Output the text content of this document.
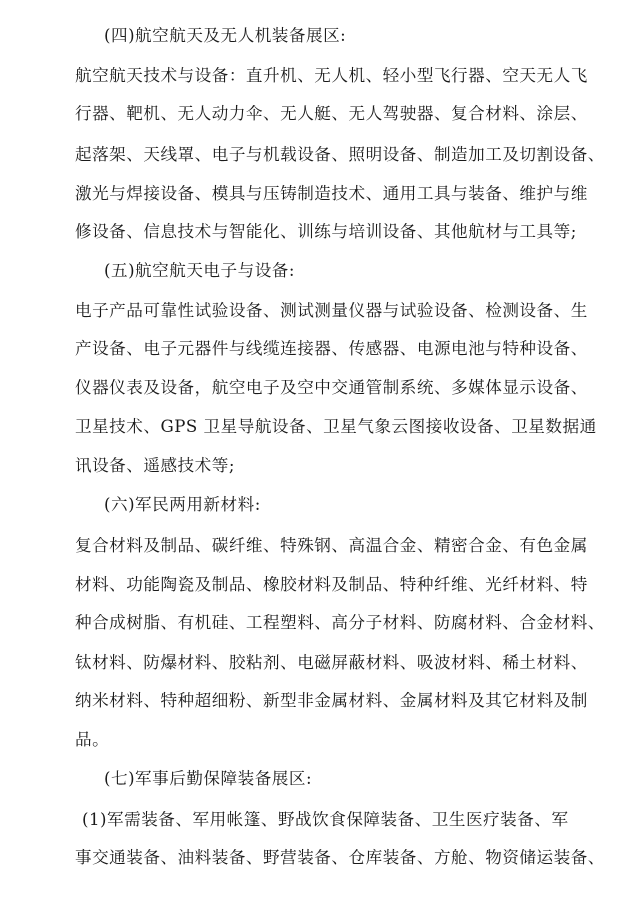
(四)航空航天及无人机装备展区:
航空航天技术与设备：直升机、无人机、轻小型飞行器、空天无人飞
行器、靶机、无人动力伞、无人艇、无人驾驶器、复合材料、涂层、
起落架、天线罩、电子与机载设备、照明设备、制造加工及切割设备、
激光与焊接设备、模具与压铸制造技术、通用工具与装备、维护与维
修设备、信息技术与智能化、训练与培训设备、其他航材与工具等;
(五)航空航天电子与设备:
电子产品可靠性试验设备、测试测量仪器与试验设备、检测设备、生
产设备、电子元器件与线缆连接器、传感器、电源电池与特种设备、
仪器仪表及设备，航空电子及空中交通管制系统、多媒体显示设备、
卫星技术、GPS 卫星导航设备、卫星气象云图接收设备、卫星数据通
讯设备、遥感技术等;
(六)军民两用新材料:
复合材料及制品、碳纤维、特殊钢、高温合金、精密合金、有色金属
材料、功能陶瓷及制品、橡胶材料及制品、特种纤维、光纤材料、特
种合成树脂、有机硅、工程塑料、高分子材料、防腐材料、合金材料、
钛材料、防爆材料、胶粘剂、电磁屏蔽材料、吸波材料、稀土材料、
纳米材料、特种超细粉、新型非金属材料、金属材料及其它材料及制
品。
(七)军事后勤保障装备展区:
(1)军需装备、军用帐篷、野战饮食保障装备、卫生医疗装备、军
事交通装备、油料装备、野营装备、仓库装备、方舱、物资储运装备、
